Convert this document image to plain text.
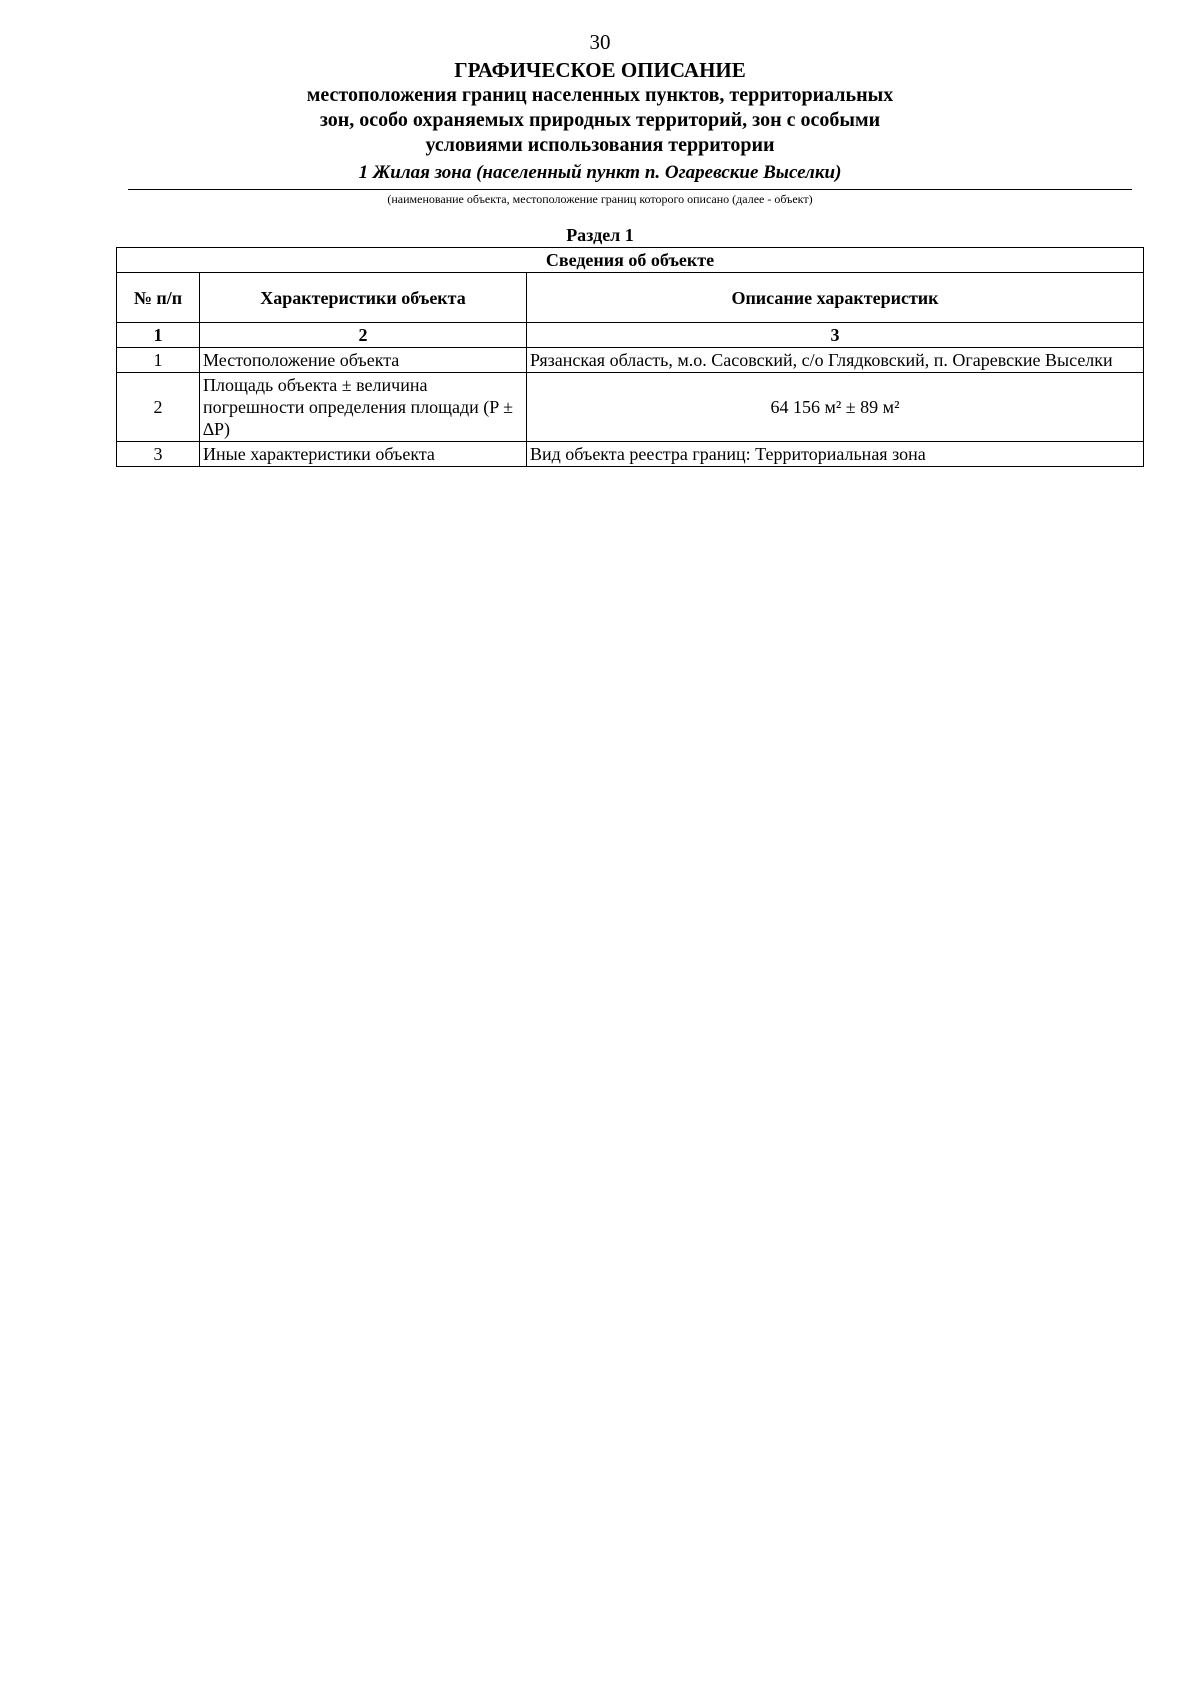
30
ГРАФИЧЕСКОЕ ОПИСАНИЕ
местоположения границ населенных пунктов, территориальных
зон, особо охраняемых природных территорий, зон с особыми
условиями использования территории
1 Жилая зона (населенный пункт п. Огаревские Выселки)
(наименование объекта, местоположение границ которого описано (далее - объект)
Раздел 1
Сведения об объекте		
№ п/п	Характеристики объекта	Описание характеристик
1	2	3
1	Местоположение объекта	Рязанская область, м.о. Сасовский, с/о Глядковский, п. Огаревские Выселки
2	Площадь объекта ± величина погрешности определения площади (P ± ∆P)	64 156 м² ± 89 м²
3	Иные характеристики объекта	Вид объекта реестра границ: Территориальная зона
